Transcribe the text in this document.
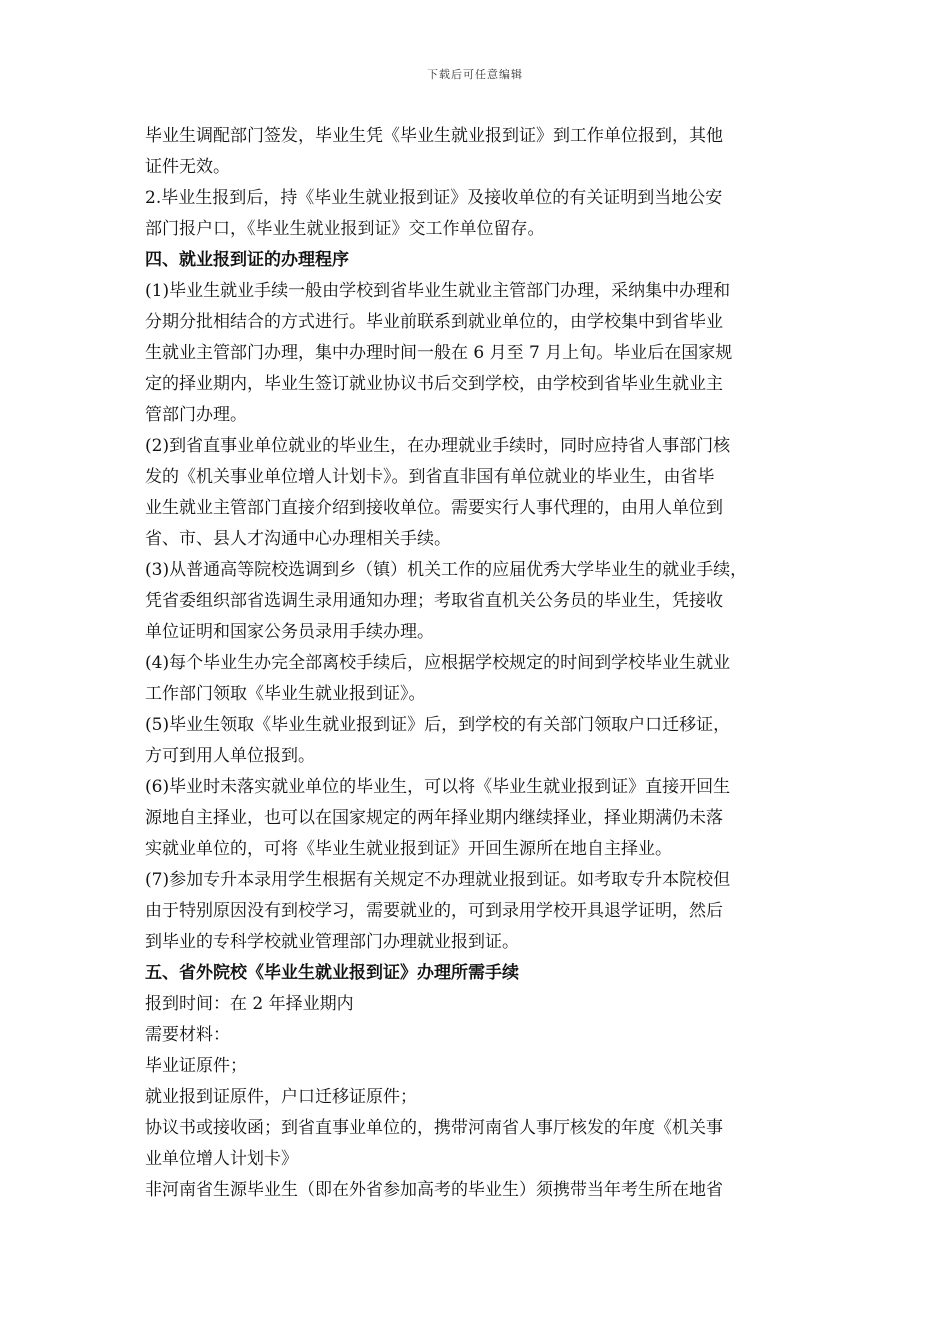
下载后可任意编辑
毕业生调配部门签发，毕业生凭《毕业生就业报到证》到工作单位报到，其他
证件无效。
2.毕业生报到后，持《毕业生就业报到证》及接收单位的有关证明到当地公安
部门报户口，《毕业生就业报到证》交工作单位留存。
四、就业报到证的办理程序
(1)毕业生就业手续一般由学校到省毕业生就业主管部门办理，采纳集中办理和
分期分批相结合的方式进行。毕业前联系到就业单位的，由学校集中到省毕业
生就业主管部门办理，集中办理时间一般在 6 月至 7 月上旬。毕业后在国家规
定的择业期内，毕业生签订就业协议书后交到学校，由学校到省毕业生就业主
管部门办理。
(2)到省直事业单位就业的毕业生，在办理就业手续时，同时应持省人事部门核
发的《机关事业单位增人计划卡》。到省直非国有单位就业的毕业生，由省毕
业生就业主管部门直接介绍到接收单位。需要实行人事代理的，由用人单位到
省、市、县人才沟通中心办理相关手续。
(3)从普通高等院校选调到乡（镇）机关工作的应届优秀大学毕业生的就业手续，
凭省委组织部省选调生录用通知办理；考取省直机关公务员的毕业生，凭接收
单位证明和国家公务员录用手续办理。
(4)每个毕业生办完全部离校手续后，应根据学校规定的时间到学校毕业生就业
工作部门领取《毕业生就业报到证》。
(5)毕业生领取《毕业生就业报到证》后，到学校的有关部门领取户口迁移证，
方可到用人单位报到。
(6)毕业时未落实就业单位的毕业生，可以将《毕业生就业报到证》直接开回生
源地自主择业，也可以在国家规定的两年择业期内继续择业，择业期满仍未落
实就业单位的，可将《毕业生就业报到证》开回生源所在地自主择业。
(7)参加专升本录用学生根据有关规定不办理就业报到证。如考取专升本院校但
由于特别原因没有到校学习，需要就业的，可到录用学校开具退学证明，然后
到毕业的专科学校就业管理部门办理就业报到证。
五、省外院校《毕业生就业报到证》办理所需手续
报到时间：在 2 年择业期内
需要材料：
毕业证原件；
就业报到证原件，户口迁移证原件；
协议书或接收函；到省直事业单位的，携带河南省人事厅核发的年度《机关事
业单位增人计划卡》
非河南省生源毕业生（即在外省参加高考的毕业生）须携带当年考生所在地省
